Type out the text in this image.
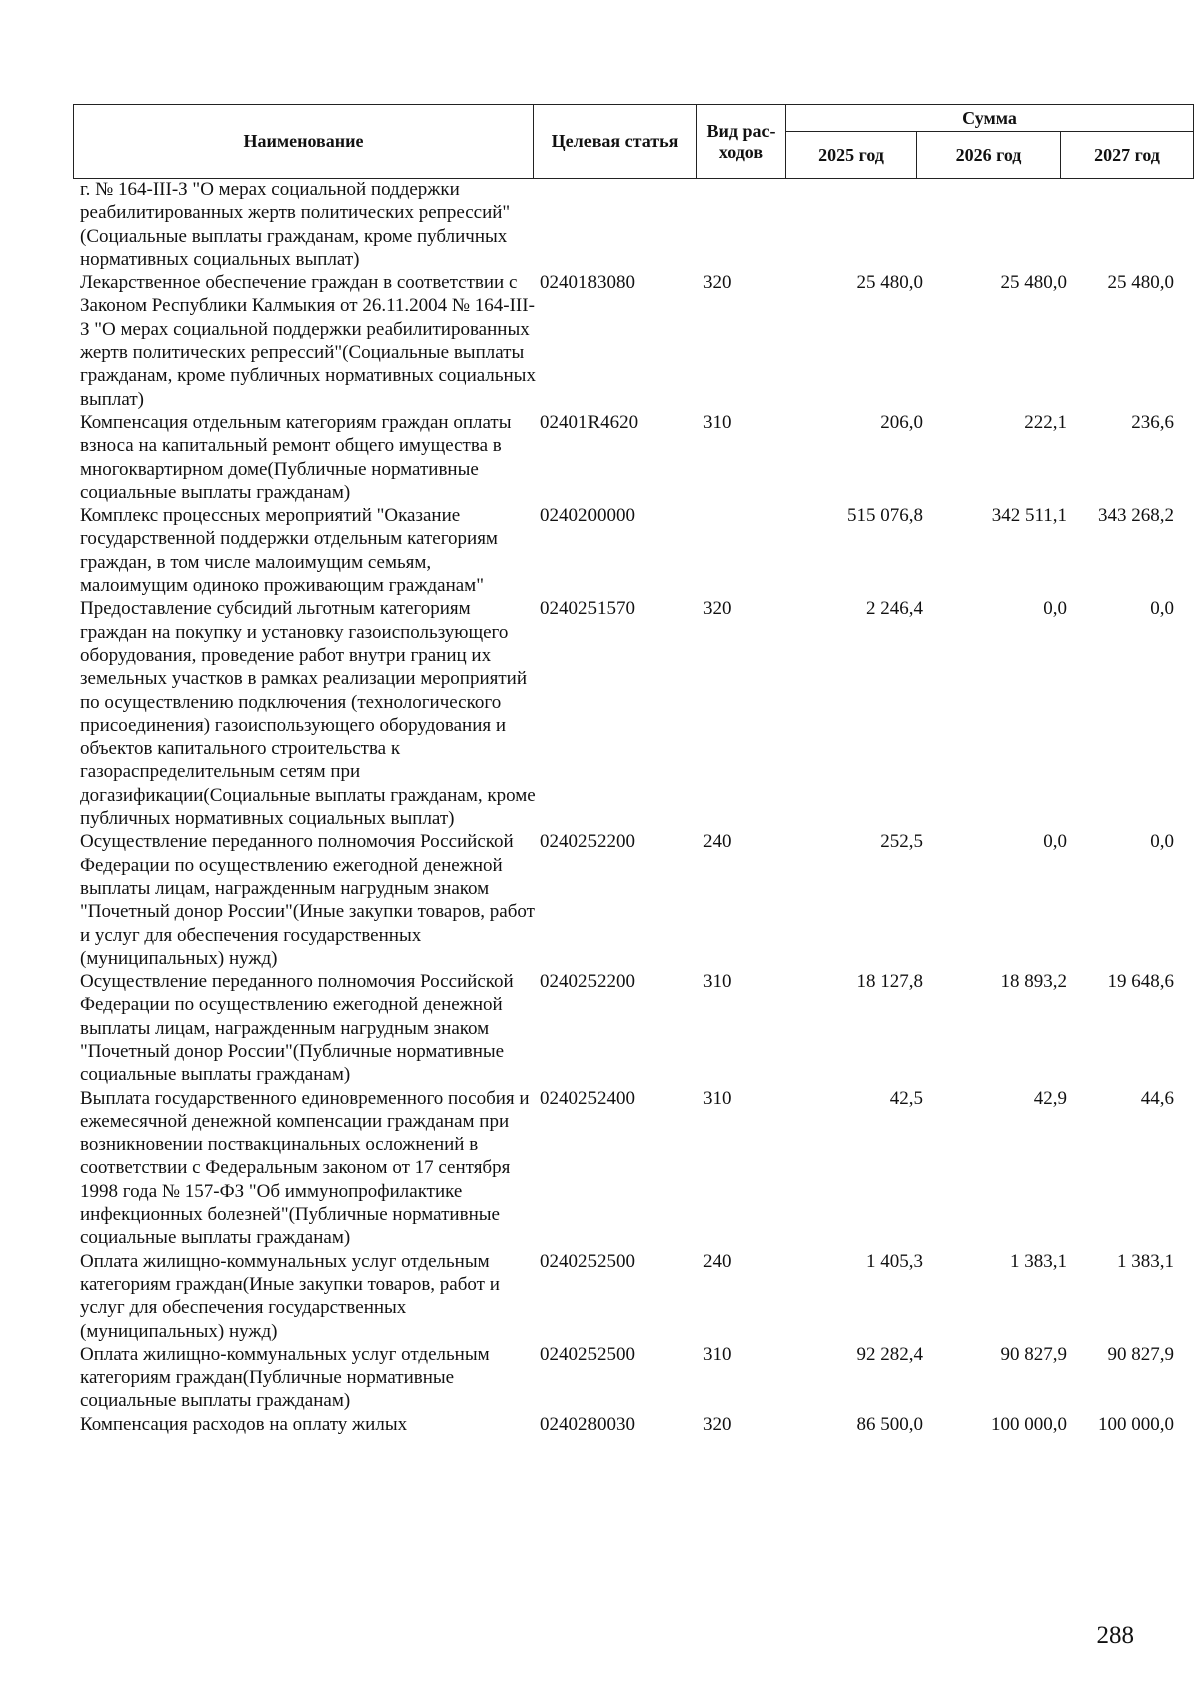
Наименование	Целевая статья	Вид рас-ходов	Сумма		
			2025 год	2026 год	2027 год
г. № 164-III-З "О мерах социальной поддержки реабилитированных жертв политических репрессий"(Социальные выплаты гражданам, кроме публичных нормативных социальных выплат)					
Лекарственное обеспечение граждан в соответствии с Законом Республики Калмыкия от 26.11.2004 № 164-III-З "О мерах социальной поддержки реабилитированных жертв политических репрессий"(Социальные выплаты гражданам, кроме публичных нормативных социальных выплат)	0240183080	320	25 480,0	25 480,0	25 480,0
Компенсация отдельным категориям граждан оплаты взноса на капитальный ремонт общего имущества в многоквартирном доме(Публичные нормативные социальные выплаты гражданам)	02401R4620	310	206,0	222,1	236,6
Комплекс процессных мероприятий "Оказание государственной поддержки отдельным категориям граждан, в том числе малоимущим семьям, малоимущим одиноко проживающим гражданам"	0240200000		515 076,8	342 511,1	343 268,2
Предоставление субсидий льготным категориям граждан на покупку и установку газоиспользующего оборудования, проведение работ внутри границ их земельных участков в рамках реализации мероприятий по осуществлению подключения (технологического присоединения) газоиспользующего оборудования и объектов капитального строительства к газораспределительным сетям при догазификации(Социальные выплаты гражданам, кроме публичных нормативных социальных выплат)	0240251570	320	2 246,4	0,0	0,0
Осуществление переданного полномочия Российской Федерации по осуществлению ежегодной денежной выплаты лицам, награжденным нагрудным знаком "Почетный донор России"(Иные закупки товаров, работ и услуг для обеспечения государственных (муниципальных) нужд)	0240252200	240	252,5	0,0	0,0
Осуществление переданного полномочия Российской Федерации по осуществлению ежегодной денежной выплаты лицам, награжденным нагрудным знаком "Почетный донор России"(Публичные нормативные социальные выплаты гражданам)	0240252200	310	18 127,8	18 893,2	19 648,6
Выплата государственного единовременного пособия и ежемесячной денежной компенсации гражданам при возникновении поствакцинальных осложнений в соответствии с Федеральным законом от 17 сентября 1998 года № 157-ФЗ "Об иммунопрофилактике инфекционных болезней"(Публичные нормативные социальные выплаты гражданам)	0240252400	310	42,5	42,9	44,6
Оплата жилищно-коммунальных услуг отдельным категориям граждан(Иные закупки товаров, работ и услуг для обеспечения государственных (муниципальных) нужд)	0240252500	240	1 405,3	1 383,1	1 383,1
Оплата жилищно-коммунальных услуг отдельным категориям граждан(Публичные нормативные социальные выплаты гражданам)	0240252500	310	92 282,4	90 827,9	90 827,9
Компенсация расходов на оплату жилых	0240280030	320	86 500,0	100 000,0	100 000,0
288
